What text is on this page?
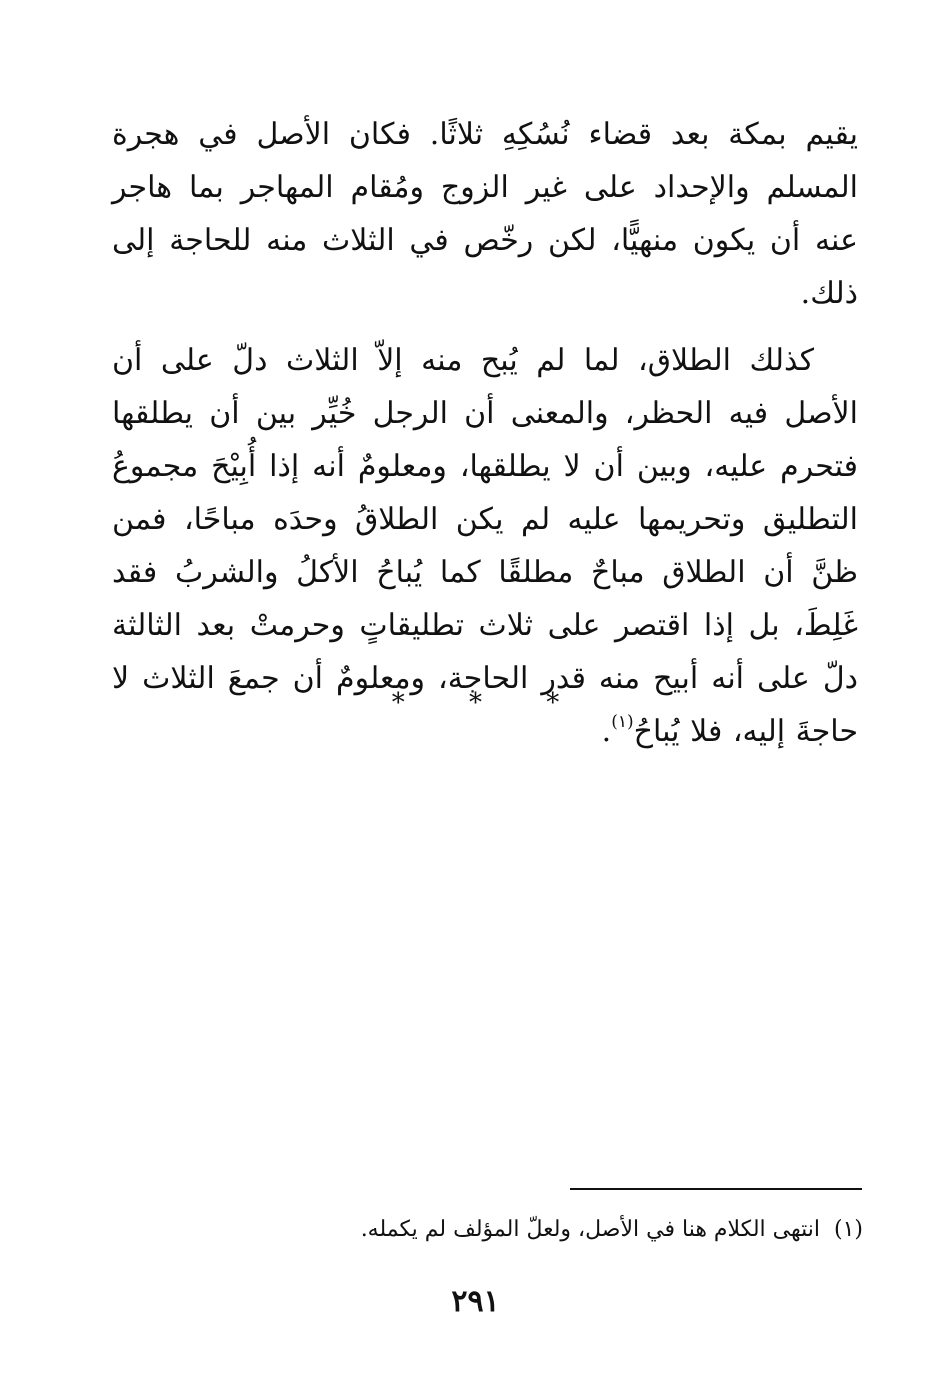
يقيم بمكة بعد قضاء نُسُكِهِ ثلاثًا. فكان الأصل في هجرة المسلم والإحداد على غير الزوج ومُقام المهاجر بما هاجر عنه أن يكون منهيًّا، لكن رخّص في الثلاث منه للحاجة إلى ذلك.

كذلك الطلاق، لما لم يُبح منه إلاّ الثلاث دلّ على أن الأصل فيه الحظر، والمعنى أن الرجل خُيِّر بين أن يطلقها فتحرم عليه، وبين أن لا يطلقها، ومعلومٌ أنه إذا أُبِيْحَ مجموعُ التطليق وتحريمها عليه لم يكن الطلاقُ وحدَه مباحًا، فمن ظنَّ أن الطلاق مباحٌ مطلقًا كما يُباحُ الأكلُ والشربُ فقد غَلِطَ، بل إذا اقتصر على ثلاث تطليقاتٍ وحرمتْ بعد الثالثة دلّ على أنه أبيح منه قدر الحاجة، ومعلومٌ أن جمعَ الثلاث لا حاجةَ إليه، فلا يُباحُ$^{(١)}$.

* * *
(١)انتهى الكلام هنا في الأصل، ولعلّ المؤلف لم يكمله.
٢٩١
